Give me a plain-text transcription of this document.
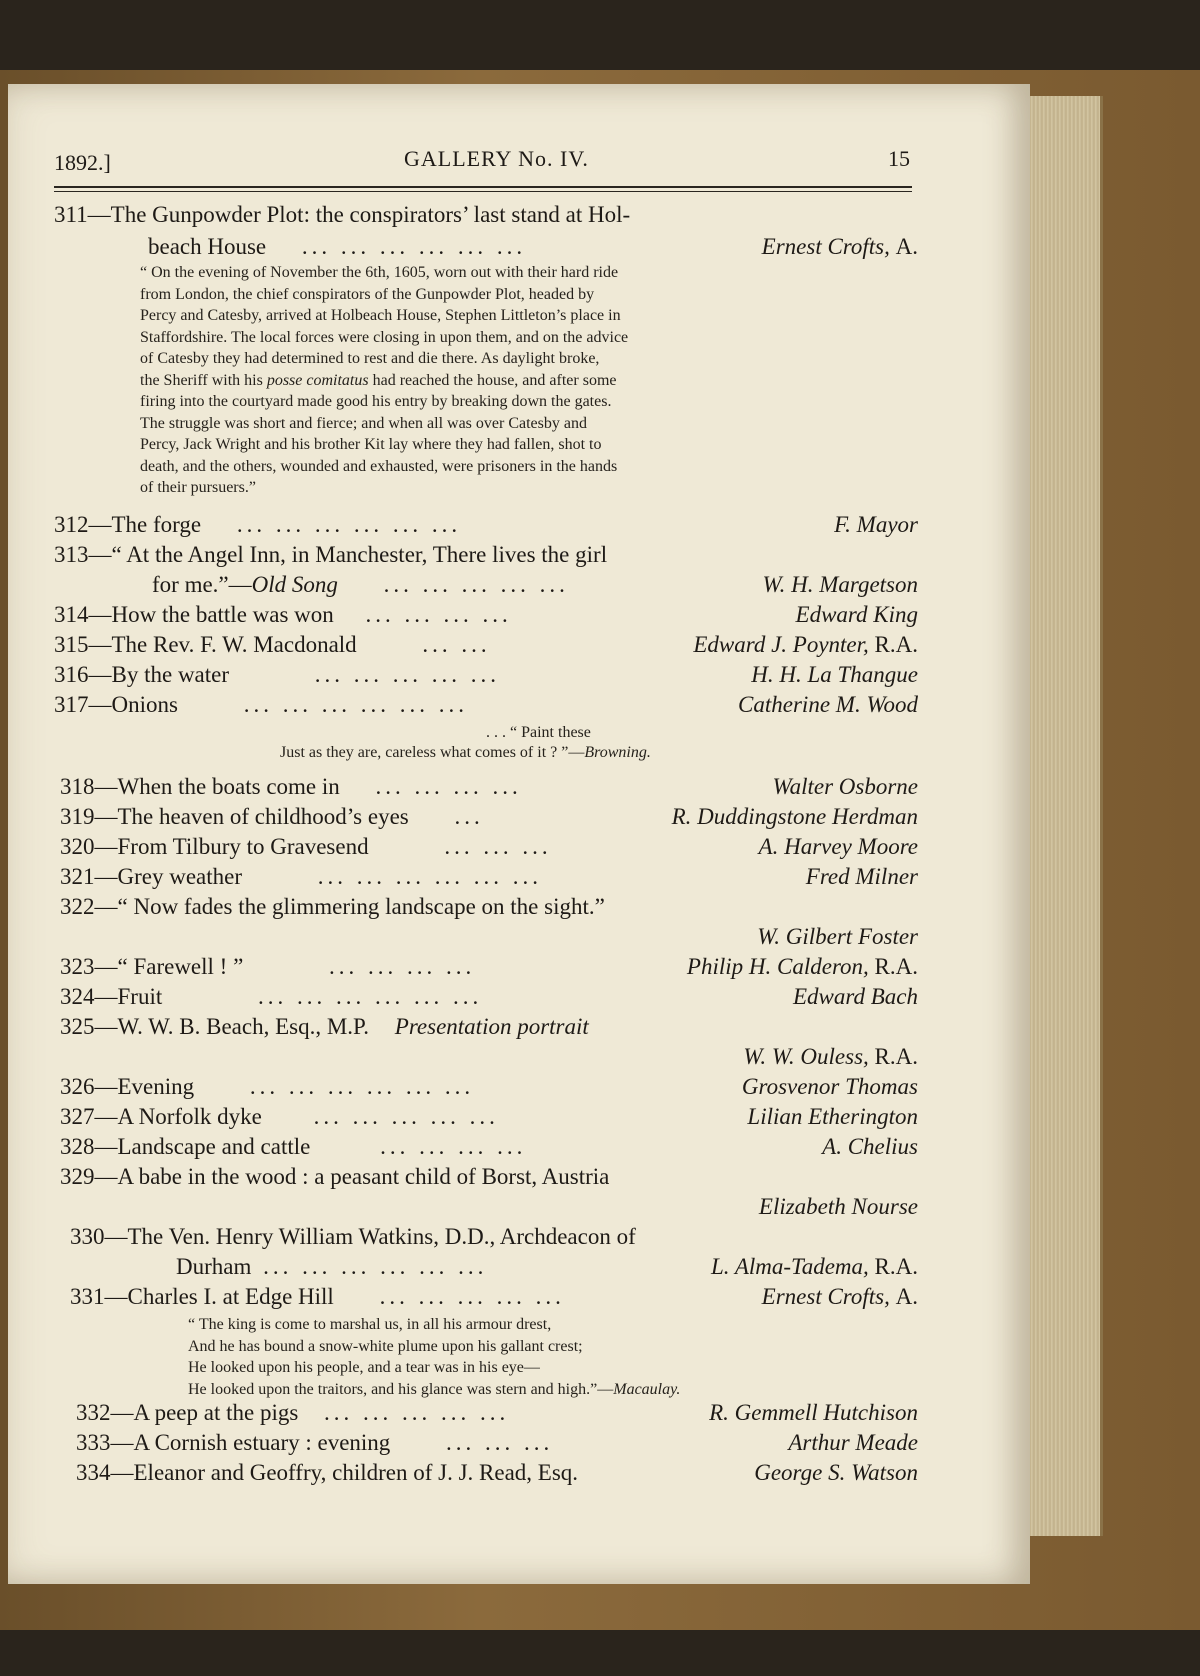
1892.]	GALLERY No. IV.	15
311—The Gunpowder Plot: the conspirators’ last stand at Hol-
beach House ... ... ... ... ... ...	Ernest Crofts, A.
“ On the evening of November the 6th, 1605, worn out with their hard ride
from London, the chief conspirators of the Gunpowder Plot, headed by
Percy and Catesby, arrived at Holbeach House, Stephen Littleton’s place in
Staffordshire. The local forces were closing in upon them, and on the advice
of Catesby they had determined to rest and die there. As daylight broke,
the Sheriff with his posse comitatus had reached the house, and after some
firing into the courtyard made good his entry by breaking down the gates.
The struggle was short and fierce; and when all was over Catesby and
Percy, Jack Wright and his brother Kit lay where they had fallen, shot to
death, and the others, wounded and exhausted, were prisoners in the hands
of their pursuers.”
312—The forge ... ... ... ... ... ...	F. Mayor
313—“ At the Angel Inn, in Manchester, There lives the girl
for me.”—Old Song ... ... ... ... ...	W. H. Margetson
314—How the battle was won ... ... ... ...	Edward King
315—The Rev. F. W. Macdonald	... ...	Edward J. Poynter, R.A.
316—By the water	... ... ... ... ...	H. H. La Thangue
317—Onions	... ... ... ... ... ...	Catherine M. Wood
. . . “ Paint these
Just as they are, careless what comes of it ? ”—Browning.
318—When the boats come in ... ... ... ...	Walter Osborne
319—The heaven of childhood’s eyes ...	R. Duddingstone Herdman
320—From Tilbury to Gravesend	... ... ...	A. Harvey Moore
321—Grey weather	... ... ... ... ... ...	Fred Milner
322—“ Now fades the glimmering landscape on the sight.”
W. Gilbert Foster
323—“ Farewell ! ”	... ... ... ...	Philip H. Calderon, R.A.
324—Fruit	... ... ... ... ... ...	Edward Bach
325—W. W. B. Beach, Esq., M.P. Presentation portrait
W. W. Ouless, R.A.
326—Evening ... ... ... ... ... ...	Grosvenor Thomas
327—A Norfolk dyke ... ... ... ... ...	Lilian Etherington
328—Landscape and cattle	... ... ... ...	A. Chelius
329—A babe in the wood : a peasant child of Borst, Austria
Elizabeth Nourse
330—The Ven. Henry William Watkins, D.D., Archdeacon of
Durham ... ... ... ... ... ...	L. Alma-Tadema, R.A.
331—Charles I. at Edge Hill ... ... ... ... ...	Ernest Crofts, A.
“ The king is come to marshal us, in all his armour drest,
And he has bound a snow-white plume upon his gallant crest;
He looked upon his people, and a tear was in his eye—
He looked upon the traitors, and his glance was stern and high.”—Macaulay.
332—A peep at the pigs ... ... ... ... ...	R. Gemmell Hutchison
333—A Cornish estuary : evening ... ... ...	Arthur Meade
334—Eleanor and Geoffry, children of J. J. Read, Esq.	George S. Watson
